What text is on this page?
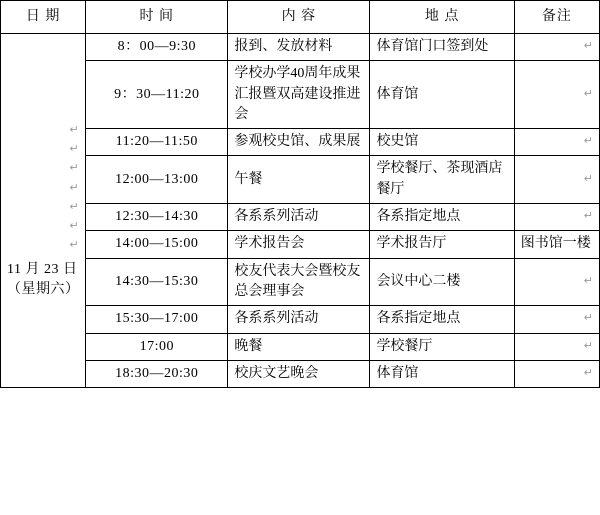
日 期	时 间	内 容	地 点	备注

↵
↵
↵
↵
↵
↵
↵
11 月 23 日（星期六）
	8：00—9:30	报到、发放材料	体育馆门口签到处	↵

	9：30—11:20	学校办学40周年成果汇报暨双高建设推进会	体育馆	↵

	11:20—11:50	参观校史馆、成果展	校史馆	↵

	12:00—13:00	午餐	学校餐厅、茶现酒店餐厅	↵

	12:30—14:30	各系系列活动	各系指定地点	↵

	14:00—15:00	学术报告会	学术报告厅	图书馆一楼
	14:30—15:30	校友代表大会暨校友总会理事会	会议中心二楼	↵

	15:30—17:00	各系系列活动	各系指定地点	↵

	17:00	晚餐	学校餐厅	↵

	18:30—20:30	校庆文艺晚会	体育馆	↵
